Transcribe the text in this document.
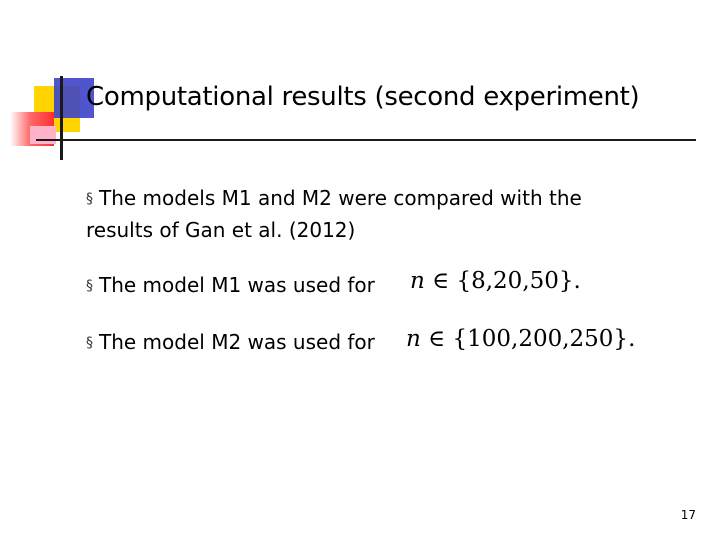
Computational results (second experiment)
§ The models M1 and M2 were compared with the results of Gan et al. (2012)
§ The model M1 was used for n ∈ {8,20,50}.
§ The model M2 was used for n ∈ {100,200,250}.
17
